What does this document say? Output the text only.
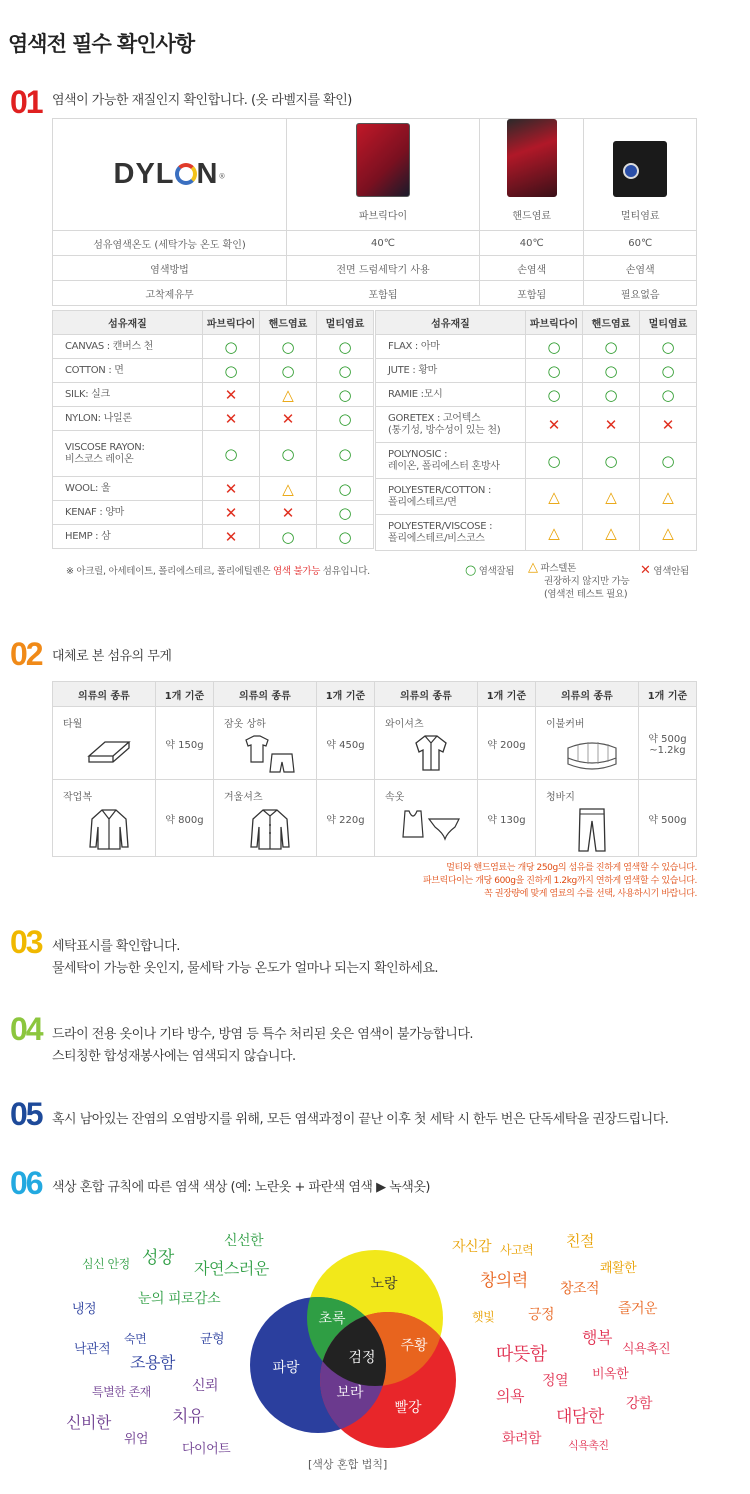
염색전 필수 확인사항
01 염색이 가능한 재질인지 확인합니다. (옷 라벨지를 확인)
DYL N®	파브릭다이	핸드염료	멀티염료
섬유염색온도 (세탁가능 온도 확인)	40℃	40℃	60℃
염색방법	전면 드럼세탁기 사용	손염색	손염색
고착제유무	포함됨	포함됨	필요없음
섬유재질	파브릭다이	핸드염료	멀티염료
CANVAS : 캔버스 천	○	○	○
COTTON : 면	○	○	○
SILK: 실크	✕	△	○
NYLON: 나일론	✕	✕	○
VISCOSE RAYON:
비스코스 레이온	○	○	○
WOOL: 울	✕	△	○
KENAF : 양마	✕	✕	○
HEMP : 삼	✕	○	○
섬유재질	파브릭다이	핸드염료	멀티염료
FLAX : 아마	○	○	○
JUTE : 황마	○	○	○
RAMIE :모시	○	○	○
GORETEX : 고어텍스
(통기성, 방수성이 있는 천)	✕	✕	✕
POLYNOSIC :
레이온, 폴리에스터 혼방사	○	○	○
POLYESTER/COTTON :
폴리에스테르/면	△	△	△
POLYESTER/VISCOSE :
폴리에스테르/비스코스	△	△	△
※ 아크릴, 아세테이트, 폴리에스테르, 폴리에틸렌은 염색 불가능 섬유입니다.	○ 염색잘됨 △ 파스텔톤
권장하지 않지만 가능
(염색전 테스트 필요)
✕ 염색안됨
02 대체로 본 섬유의 무게
의류의 종류	1개 기준	의류의 종류	1개 기준	의류의 종류	1개 기준	의류의 종류	1개 기준

타월	약 150g	잠옷 상하	약 450g	와이셔츠	약 200g	이불커버	약 500g
~1.2kg

작업복	약 800g	겨울셔츠	약 220g	속옷	약 130g	청바지	약 500g
멀티와 핸드염료는 개당 250g의 섬유를 진하게 염색할 수 있습니다.
파브릭다이는 개당 600g을 진하게 1.2kg까지 연하게 염색할 수 있습니다.
꼭 권장량에 맞게 염료의 수를 선택, 사용하시기 바랍니다.
03 세탁표시를 확인합니다.
물세탁이 가능한 옷인지, 물세탁 가능 온도가 얼마나 되는지 확인하세요.
04 드라이 전용 옷이나 기타 방수, 방염 등 특수 처리된 옷은 염색이 불가능합니다.
스티칭한 합성재봉사에는 염색되지 않습니다.
05 혹시 남아있는 잔염의 오염방지를 위해, 모든 염색과정이 끝난 이후 첫 세탁 시 한두 번은 단독세탁을 권장드립니다.
06 색상 혼합 규칙에 따른 염색 색상 (예: 노란옷 + 파란색 염색 ▶ 녹색옷)
노랑
파랑
빨강
초록
주황
보라
검정
[색상 혼합 법칙]
심신 안정 성장
신선한
자연스러운
냉정
눈의 피로감소
낙관적
숙면	균형
조용함
특별한 존재	신뢰
신비한	치유
위엄
다이어트
자신감 사고력 친절
쾌활한
창의력 창조적
햇빛 긍정	즐거운
행복
식욕촉진
따뜻함
정열 비옥한
의욕
대담한
강함
화려함 식욕촉진
